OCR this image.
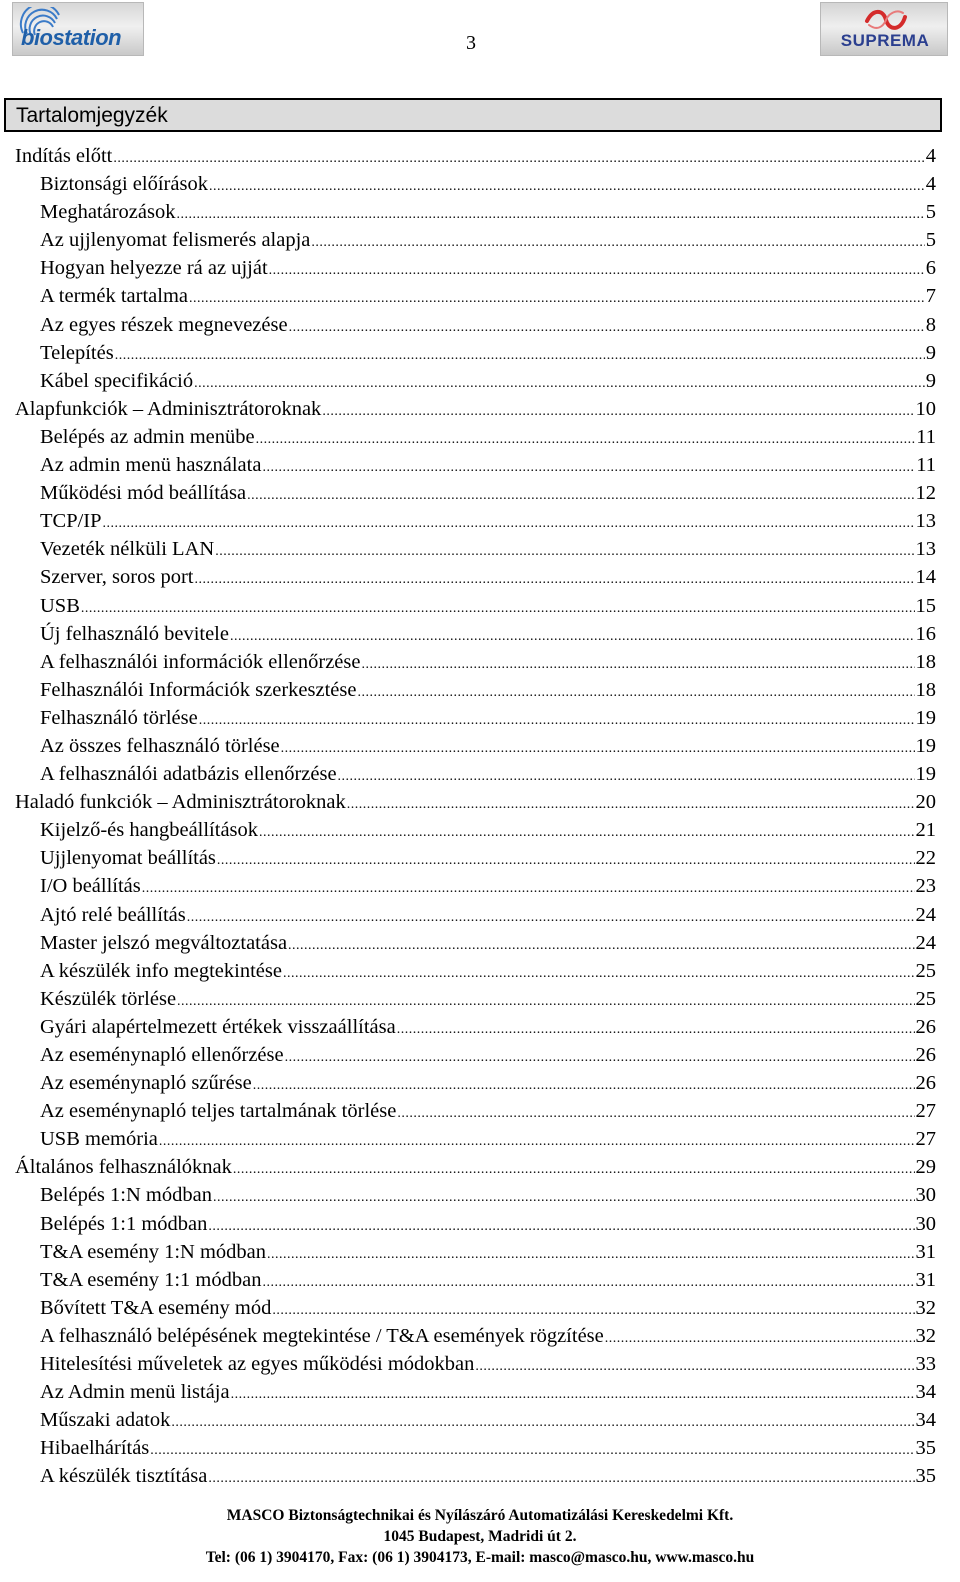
biostation	3	SUPREMA
Tartalomjegyzék
Indítás előtt .....	4
Biztonsági előírások .....	4
Meghatározások .....	5
Az ujjlenyomat felismerés alapja .....	5
Hogyan helyezze rá az ujját .....	6
A termék tartalma .....	7
Az egyes részek megnevezése .....	8
Telepítés .....	9
Kábel specifikáció .....	9
Alapfunkciók – Adminisztrátoroknak .....	10
Belépés az admin menübe .....	11
Az admin menü használata .....	11
Működési mód beállítása .....	12
TCP/IP .....	13
Vezeték nélküli LAN .....	13
Szerver, soros port .....	14
USB .....	15
Új felhasználó bevitele .....	16
A felhasználói információk ellenőrzése .....	18
Felhasználói Információk szerkesztése .....	18
Felhasználó törlése .....	19
Az összes felhasználó törlése .....	19
A felhasználói adatbázis ellenőrzése .....	19
Haladó funkciók – Adminisztrátoroknak .....	20
Kijelző-és hangbeállítások .....	21
Ujjlenyomat beállítás .....	22
I/O beállítás .....	23
Ajtó relé beállítás .....	24
Master jelszó megváltoztatása .....	24
A készülék info megtekintése .....	25
Készülék törlése .....	25
Gyári alapértelmezett értékek visszaállítása .....	26
Az eseménynapló ellenőrzése .....	26
Az eseménynapló szűrése .....	26
Az eseménynapló teljes tartalmának törlése .....	27
USB memória .....	27
Általános felhasználóknak .....	29
Belépés 1:N módban .....	30
Belépés 1:1 módban .....	30
T&A esemény 1:N módban .....	31
T&A esemény 1:1 módban .....	31
Bővített T&A esemény mód .....	32
A felhasználó belépésének megtekintése / T&A események rögzítése .....	32
Hitelesítési műveletek az egyes működési módokban .....	33
Az Admin menü listája .....	34
Műszaki adatok .....	34
Hibaelhárítás .....	35
A készülék tisztítása .....	35
MASCO Biztonságtechnikai és Nyílászáró Automatizálási Kereskedelmi Kft.
1045 Budapest, Madridi út 2.
Tel: (06 1) 3904170, Fax: (06 1) 3904173, E-mail: masco@masco.hu, www.masco.hu
